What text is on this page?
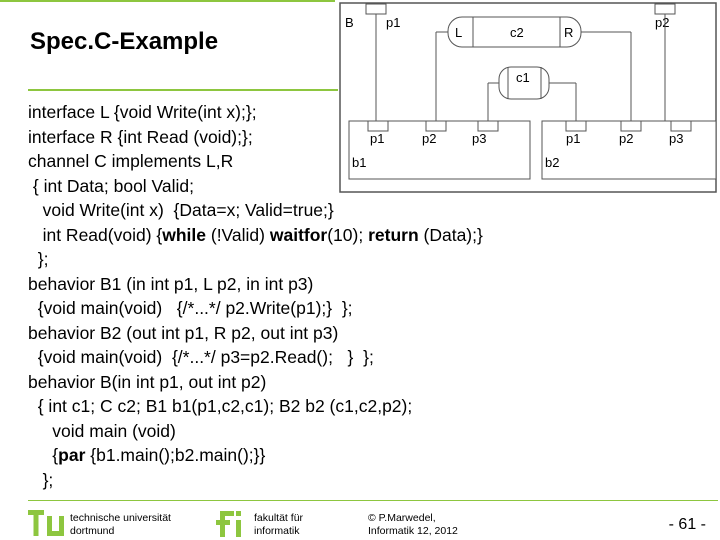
Spec.C-Example
interface L {void Write(int x);};
interface R {int Read (void);};
channel C implements L,R
{ int Data; bool Valid;
void Write(int x)  {Data=x; Valid=true;}
int Read(void) {while (!Valid) waitfor(10); return (Data);}
};
behavior B1 (in int p1, L p2, in int p3)
{void main(void)   {/*...*/ p2.Write(p1);}  };
behavior B2 (out int p1, R p2, out int p3)
{void main(void)  {/*...*/ p3=p2.Read();   }  };
behavior B(in int p1, out int p2)
{ int c1; C c2; B1 b1(p1,c2,c1); B2 b2 (c1,c2,p2);
void main (void)
{par {b1.main();b2.main();}}
};
B p1	p2
L	c2	R
c1
p1	p2	p3
b1
p1	p2	p3
b2
technische universität
dortmund
fakultät für
informatik
© P.Marwedel,
Informatik 12, 2012	- 61 -
